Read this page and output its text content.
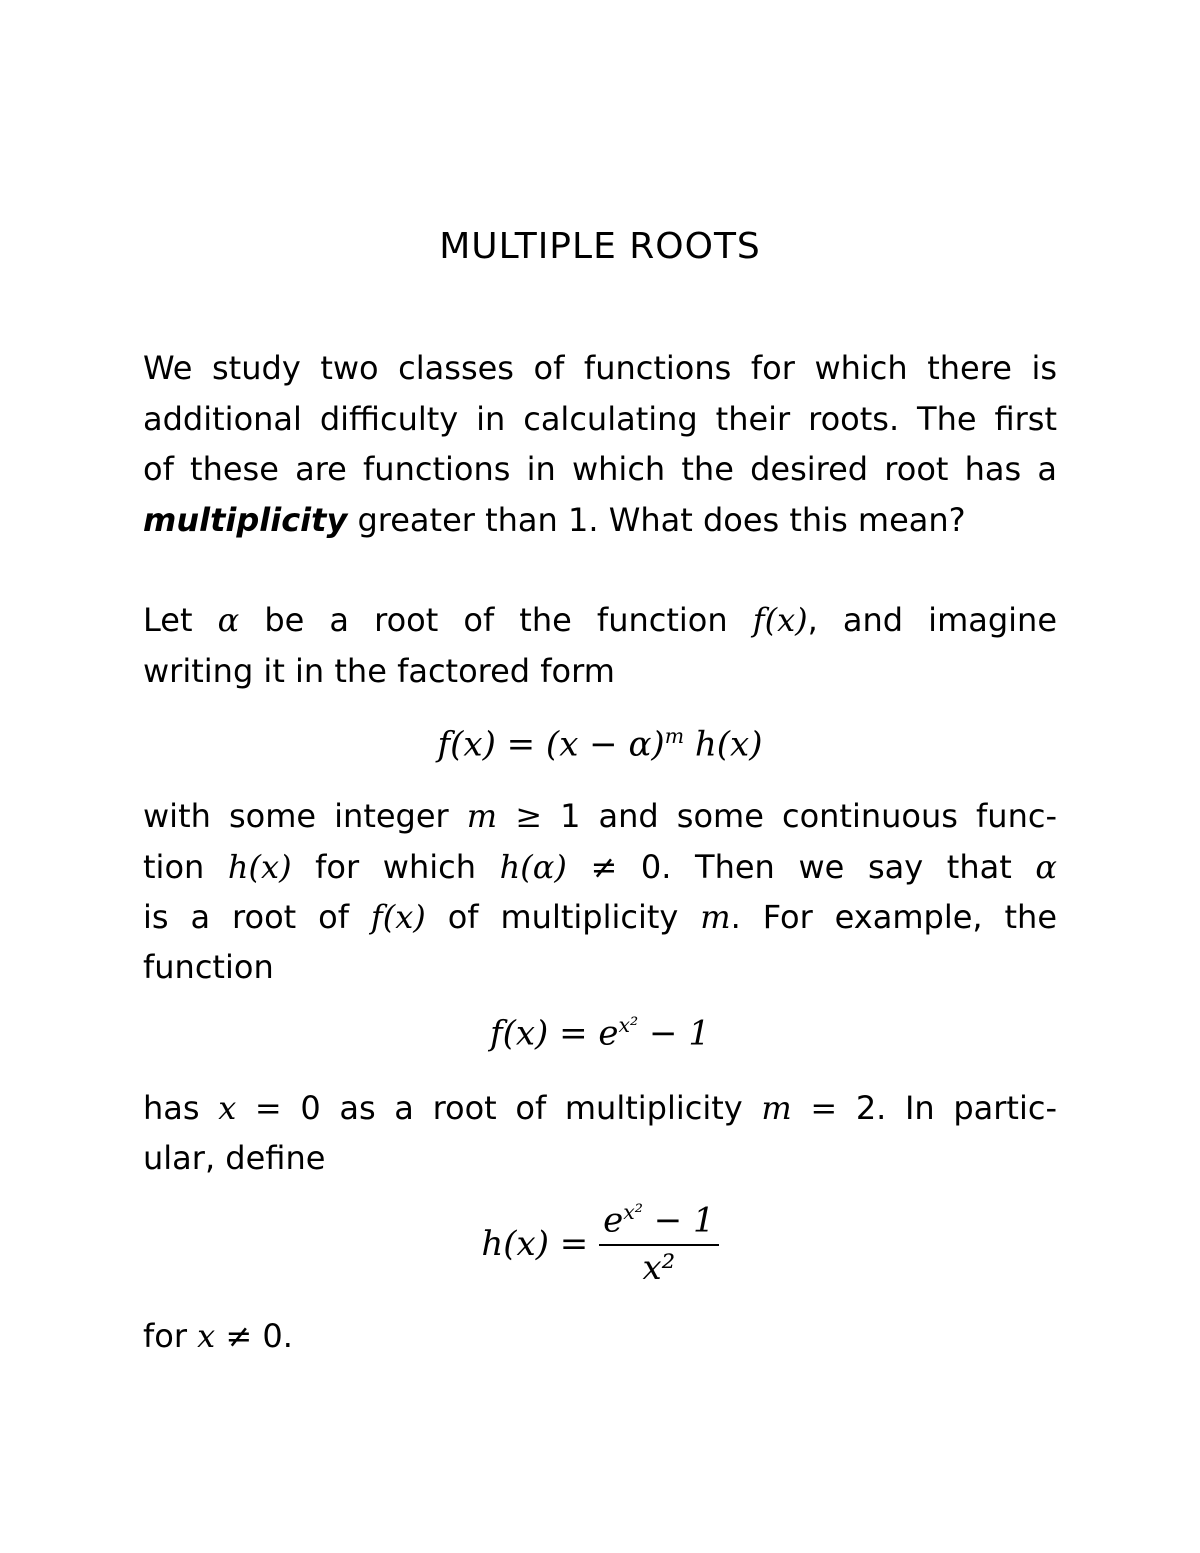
MULTIPLE ROOTS
We study two classes of functions for which there is
additional difficulty in calculating their roots. The first
of these are functions in which the desired root has a
multiplicity greater than 1. What does this mean?
Let α be a root of the function f(x), and imagine
writing it in the factored form
$f(x) = (x - \alpha)^m$ h(x)
with some integer m ≥ 1 and some continuous func-
tion h(x) for which h(α) ≠ 0. Then we say that α
is a root of f(x) of multiplicity m. For example, the
function
$f(x) = e^{x^2} - 1$
has x = 0 as a root of multiplicity m = 2. In partic-
ular, define
$h(x) = \frac{e^{x^2} - 1}{\text{x²}}$
for x ≠ 0.
